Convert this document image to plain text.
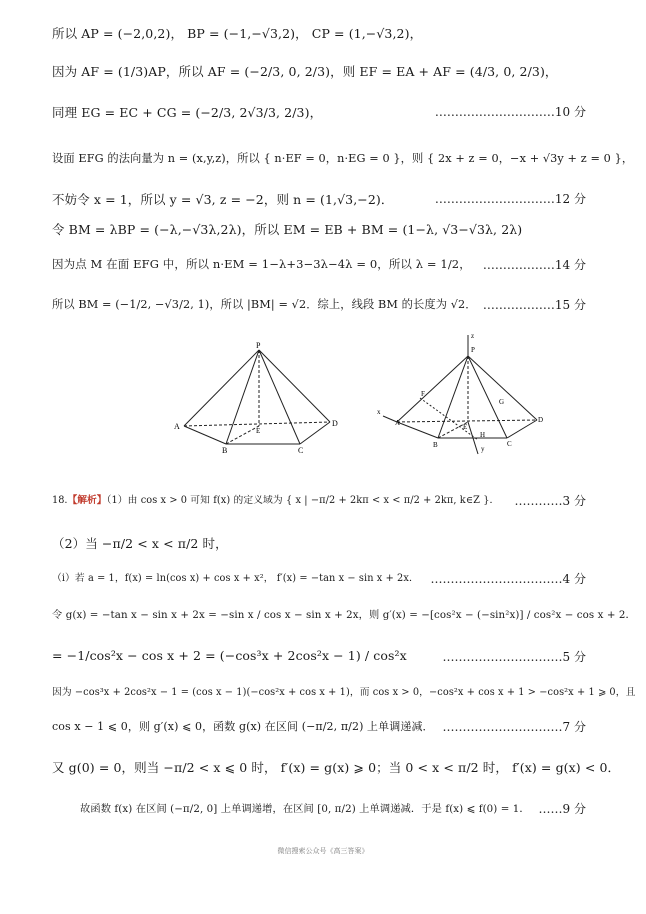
所以 AP = (−2,0,2)， BP = (−1,−√3,2)， CP = (1,−√3,2)，
因为 AF = (1/3)AP，所以 AF = (−2/3, 0, 2/3)，则 EF = EA + AF = (4/3, 0, 2/3)，
同理 EG = EC + CG = (−2/3, 2√3/3, 2/3)，	…………………………10 分
设面 EFG 的法向量为 n = (x,y,z)，所以 { n·EF = 0，n·EG = 0 }，则 { 2x + z = 0，−x + √3y + z = 0 }，
不妨令 x = 1，所以 y = √3, z = −2，则 n = (1,√3,−2)．	…………………………12 分
令 BM = λBP = (−λ,−√3λ,2λ)，所以 EM = EB + BM = (1−λ, √3−√3λ, 2λ)
因为点 M 在面 EFG 中，所以 n·EM = 1−λ+3−3λ−4λ = 0，所以 λ = 1/2， ………………14 分
所以 BM = (−1/2, −√3/2, 1)，所以 |BM| = √2．综上，线段 BM 的长度为 √2． ………………15 分
P
A
B	C
D
E
z
P
x
A
B	C
D
E
F
G
H
y
18.【解析】（1）由 cos x > 0 可知 f(x) 的定义域为 { x | −π/2 + 2kπ < x < π/2 + 2kπ, k∈Z }． …………3 分
（2）当 −π/2 < x < π/2 时，
（i）若 a = 1，f(x) = ln(cos x) + cos x + x²， f′(x) = −tan x − sin x + 2x． ……………………………4 分
令 g(x) = −tan x − sin x + 2x = −sin x / cos x − sin x + 2x，则 g′(x) = −[cos²x − (−sin²x)] / cos²x − cos x + 2．
= −1/cos²x − cos x + 2 = (−cos³x + 2cos²x − 1) / cos²x	…………………………5 分
因为 −cos³x + 2cos²x − 1 = (cos x − 1)(−cos²x + cos x + 1)，而 cos x > 0，−cos²x + cos x + 1 > −cos²x + 1 ⩾ 0，且
cos x − 1 ⩽ 0，则 g′(x) ⩽ 0，函数 g(x) 在区间 (−π/2, π/2) 上单调递减． …………………………7 分
又 g(0) = 0，则当 −π/2 < x ⩽ 0 时， f′(x) = g(x) ⩾ 0；当 0 < x < π/2 时， f′(x) = g(x) < 0．
故函数 f(x) 在区间 (−π/2, 0] 上单调递增，在区间 [0, π/2) 上单调递减．于是 f(x) ⩽ f(0) = 1． ……9 分
微信搜索公众号《高三答案》
